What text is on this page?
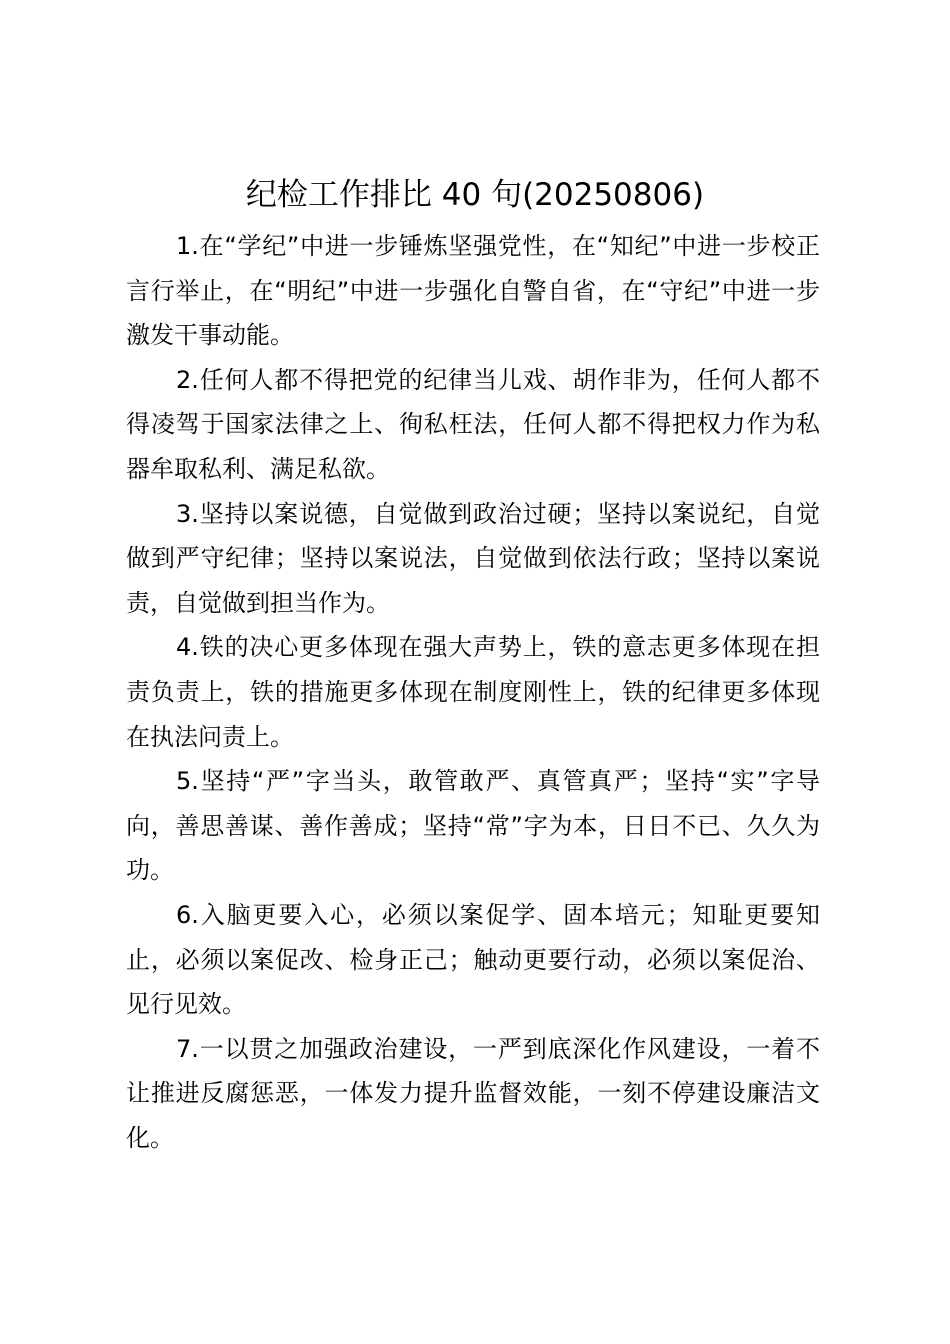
纪检工作排比 40 句(20250806)

1.在“学纪”中进一步锤炼坚强党性，在“知纪”中进一步校正言行举止，在“明纪”中进一步强化自警自省，在“守纪”中进一步激发干事动能。

2.任何人都不得把党的纪律当儿戏、胡作非为，任何人都不得凌驾于国家法律之上、徇私枉法，任何人都不得把权力作为私器牟取私利、满足私欲。

3.坚持以案说德，自觉做到政治过硬；坚持以案说纪，自觉做到严守纪律；坚持以案说法，自觉做到依法行政；坚持以案说责，自觉做到担当作为。

4.铁的决心更多体现在强大声势上，铁的意志更多体现在担责负责上，铁的措施更多体现在制度刚性上，铁的纪律更多体现在执法问责上。

5.坚持“严”字当头，敢管敢严、真管真严；坚持“实”字导向，善思善谋、善作善成；坚持“常”字为本，日日不已、久久为功。

6.入脑更要入心，必须以案促学、固本培元；知耻更要知止，必须以案促改、检身正己；触动更要行动，必须以案促治、见行见效。

7.一以贯之加强政治建设，一严到底深化作风建设，一着不让推进反腐惩恶，一体发力提升监督效能，一刻不停建设廉洁文化。
